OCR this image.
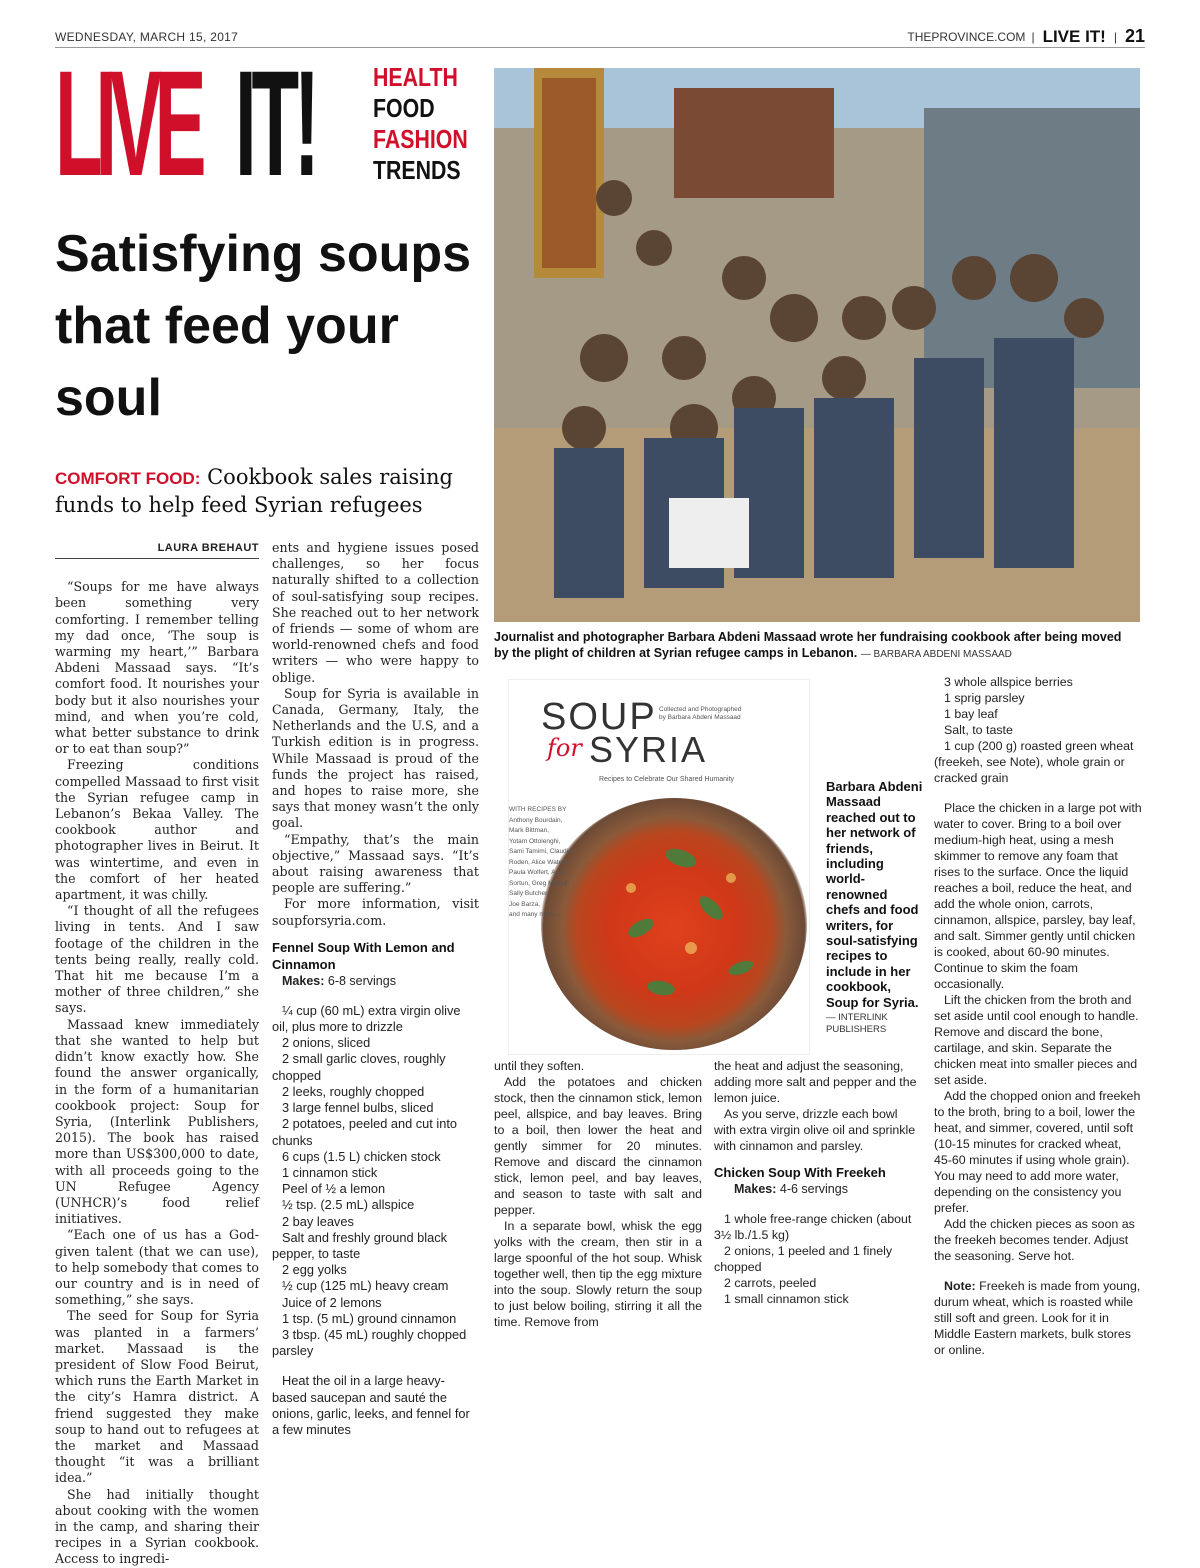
WEDNESDAY, MARCH 15, 2017	THEPROVINCE.COM | LIVE IT! | 21
LIVE IT! HEALTH
FOOD
FASHION
TRENDS
Satisfying soups that feed your soul
COMFORT FOOD: Cookbook sales raising funds to help feed Syrian refugees
Journalist and photographer Barbara Abdeni Massaad wrote her fundraising cookbook after being moved by the plight of children at Syrian refugee camps in Lebanon. — BARBARA ABDENI MASSAAD
LAURA BREHAUT

“Soups for me have always been something very comforting. I remember telling my dad once, ‘The soup is warming my heart,’” Barbara Abdeni Massaad says. “It’s comfort food. It nourishes your body but it also nourishes your mind, and when you’re cold, what better substance to drink or to eat than soup?”

Freezing conditions compelled Massaad to first visit the Syrian refugee camp in Lebanon’s Bekaa Valley. The cookbook author and photographer lives in Beirut. It was wintertime, and even in the comfort of her heated apartment, it was chilly.

“I thought of all the refugees living in tents. And I saw footage of the children in the tents being really, really cold. That hit me because I’m a mother of three children,” she says.

Massaad knew immediately that she wanted to help but didn’t know exactly how. She found the answer organically, in the form of a humanitarian cookbook project: Soup for Syria, (Interlink Publishers, 2015). The book has raised more than US$300,000 to date, with all proceeds going to the UN Refugee Agency (UNHCR)’s food relief initiatives.

“Each one of us has a God-given talent (that we can use), to help somebody that comes to our country and is in need of something,” she says.

The seed for Soup for Syria was planted in a farmers’ market. Massaad is the president of Slow Food Beirut, which runs the Earth Market in the city’s Hamra district. A friend suggested they make soup to hand out to refugees at the market and Massaad thought “it was a brilliant idea.”

She had initially thought about cooking with the women in the camp, and sharing their recipes in a Syrian cookbook. Access to ingredi-

ents and hygiene issues posed challenges, so her focus naturally shifted to a collection of soul-satisfying soup recipes. She reached out to her network of friends — some of whom are world-renowned chefs and food writers — who were happy to oblige.

Soup for Syria is available in Canada, Germany, Italy, the Netherlands and the U.S, and a Turkish edition is in progress. While Massaad is proud of the funds the project has raised, and hopes to raise more, she says that money wasn’t the only goal.

“Empathy, that’s the main objective,” Massaad says. “It’s about raising awareness that people are suffering.”

For more information, visit soupforsyria.com.

Fennel Soup With Lemon and Cinnamon
Makes: 6-8 servings
¼ cup (60 mL) extra virgin olive oil, plus more to drizzle
2 onions, sliced
2 small garlic cloves, roughly chopped
2 leeks, roughly chopped
3 large fennel bulbs, sliced
2 potatoes, peeled and cut into chunks
6 cups (1.5 L) chicken stock
1 cinnamon stick
Peel of ½ a lemon
½ tsp. (2.5 mL) allspice
2 bay leaves
Salt and freshly ground black pepper, to taste
2 egg yolks
½ cup (125 mL) heavy cream
Juice of 2 lemons
1 tsp. (5 mL) ground cinnamon
3 tbsp. (45 mL) roughly chopped parsley
Heat the oil in a large heavy-based saucepan and sauté the onions, garlic, leeks, and fennel for a few minutes
SOUP Collected and Photographed
by Barbara Abdeni Massaad
for SYRIA
Recipes to Celebrate Our Shared Humanity
WITH RECIPES BY
Anthony Bourdain,
Mark Bittman,
Yotam Ottolenghi,
Sami Tamimi, Claudia
Roden, Alice Waters,
Paula Wolfert, Ana
Sortun, Greg Malouf,
Sally Butcher,
Joe Barza,
and many more…
Barbara Abdeni Massaad reached out to her network of friends, including world-renowned chefs and food writers, for soul-satisfying recipes to include in her cookbook, Soup for Syria.
— INTERLINK PUBLISHERS
until they soften.
Add the potatoes and chicken stock, then the cinnamon stick, lemon peel, allspice, and bay leaves. Bring to a boil, then lower the heat and gently simmer for 20 minutes. Remove and discard the cinnamon stick, lemon peel, and bay leaves, and season to taste with salt and pepper.
In a separate bowl, whisk the egg yolks with the cream, then stir in a large spoonful of the hot soup. Whisk together well, then tip the egg mixture into the soup. Slowly return the soup to just below boiling, stirring it all the time. Remove from
the heat and adjust the seasoning, adding more salt and pepper and the lemon juice.
As you serve, drizzle each bowl with extra virgin olive oil and sprinkle with cinnamon and parsley.
Chicken Soup With Freekeh
Makes: 4-6 servings
1 whole free-range chicken (about 3½ lb./1.5 kg)
2 onions, 1 peeled and 1 finely chopped
2 carrots, peeled
1 small cinnamon stick
3 whole allspice berries
1 sprig parsley
1 bay leaf
Salt, to taste
1 cup (200 g) roasted green wheat (freekeh, see Note), whole grain or cracked grain
Place the chicken in a large pot with water to cover. Bring to a boil over medium-high heat, using a mesh skimmer to remove any foam that rises to the surface. Once the liquid reaches a boil, reduce the heat, and add the whole onion, carrots, cinnamon, allspice, parsley, bay leaf, and salt. Simmer gently until chicken is cooked, about 60-90 minutes. Continue to skim the foam occasionally.
Lift the chicken from the broth and set aside until cool enough to handle. Remove and discard the bone, cartilage, and skin. Separate the chicken meat into smaller pieces and set aside.
Add the chopped onion and freekeh to the broth, bring to a boil, lower the heat, and simmer, covered, until soft (10-15 minutes for cracked wheat, 45-60 minutes if using whole grain). You may need to add more water, depending on the consistency you prefer.
Add the chicken pieces as soon as the freekeh becomes tender. Adjust the seasoning. Serve hot.
Note: Freekeh is made from young, durum wheat, which is roasted while still soft and green. Look for it in Middle Eastern markets, bulk stores or online.
